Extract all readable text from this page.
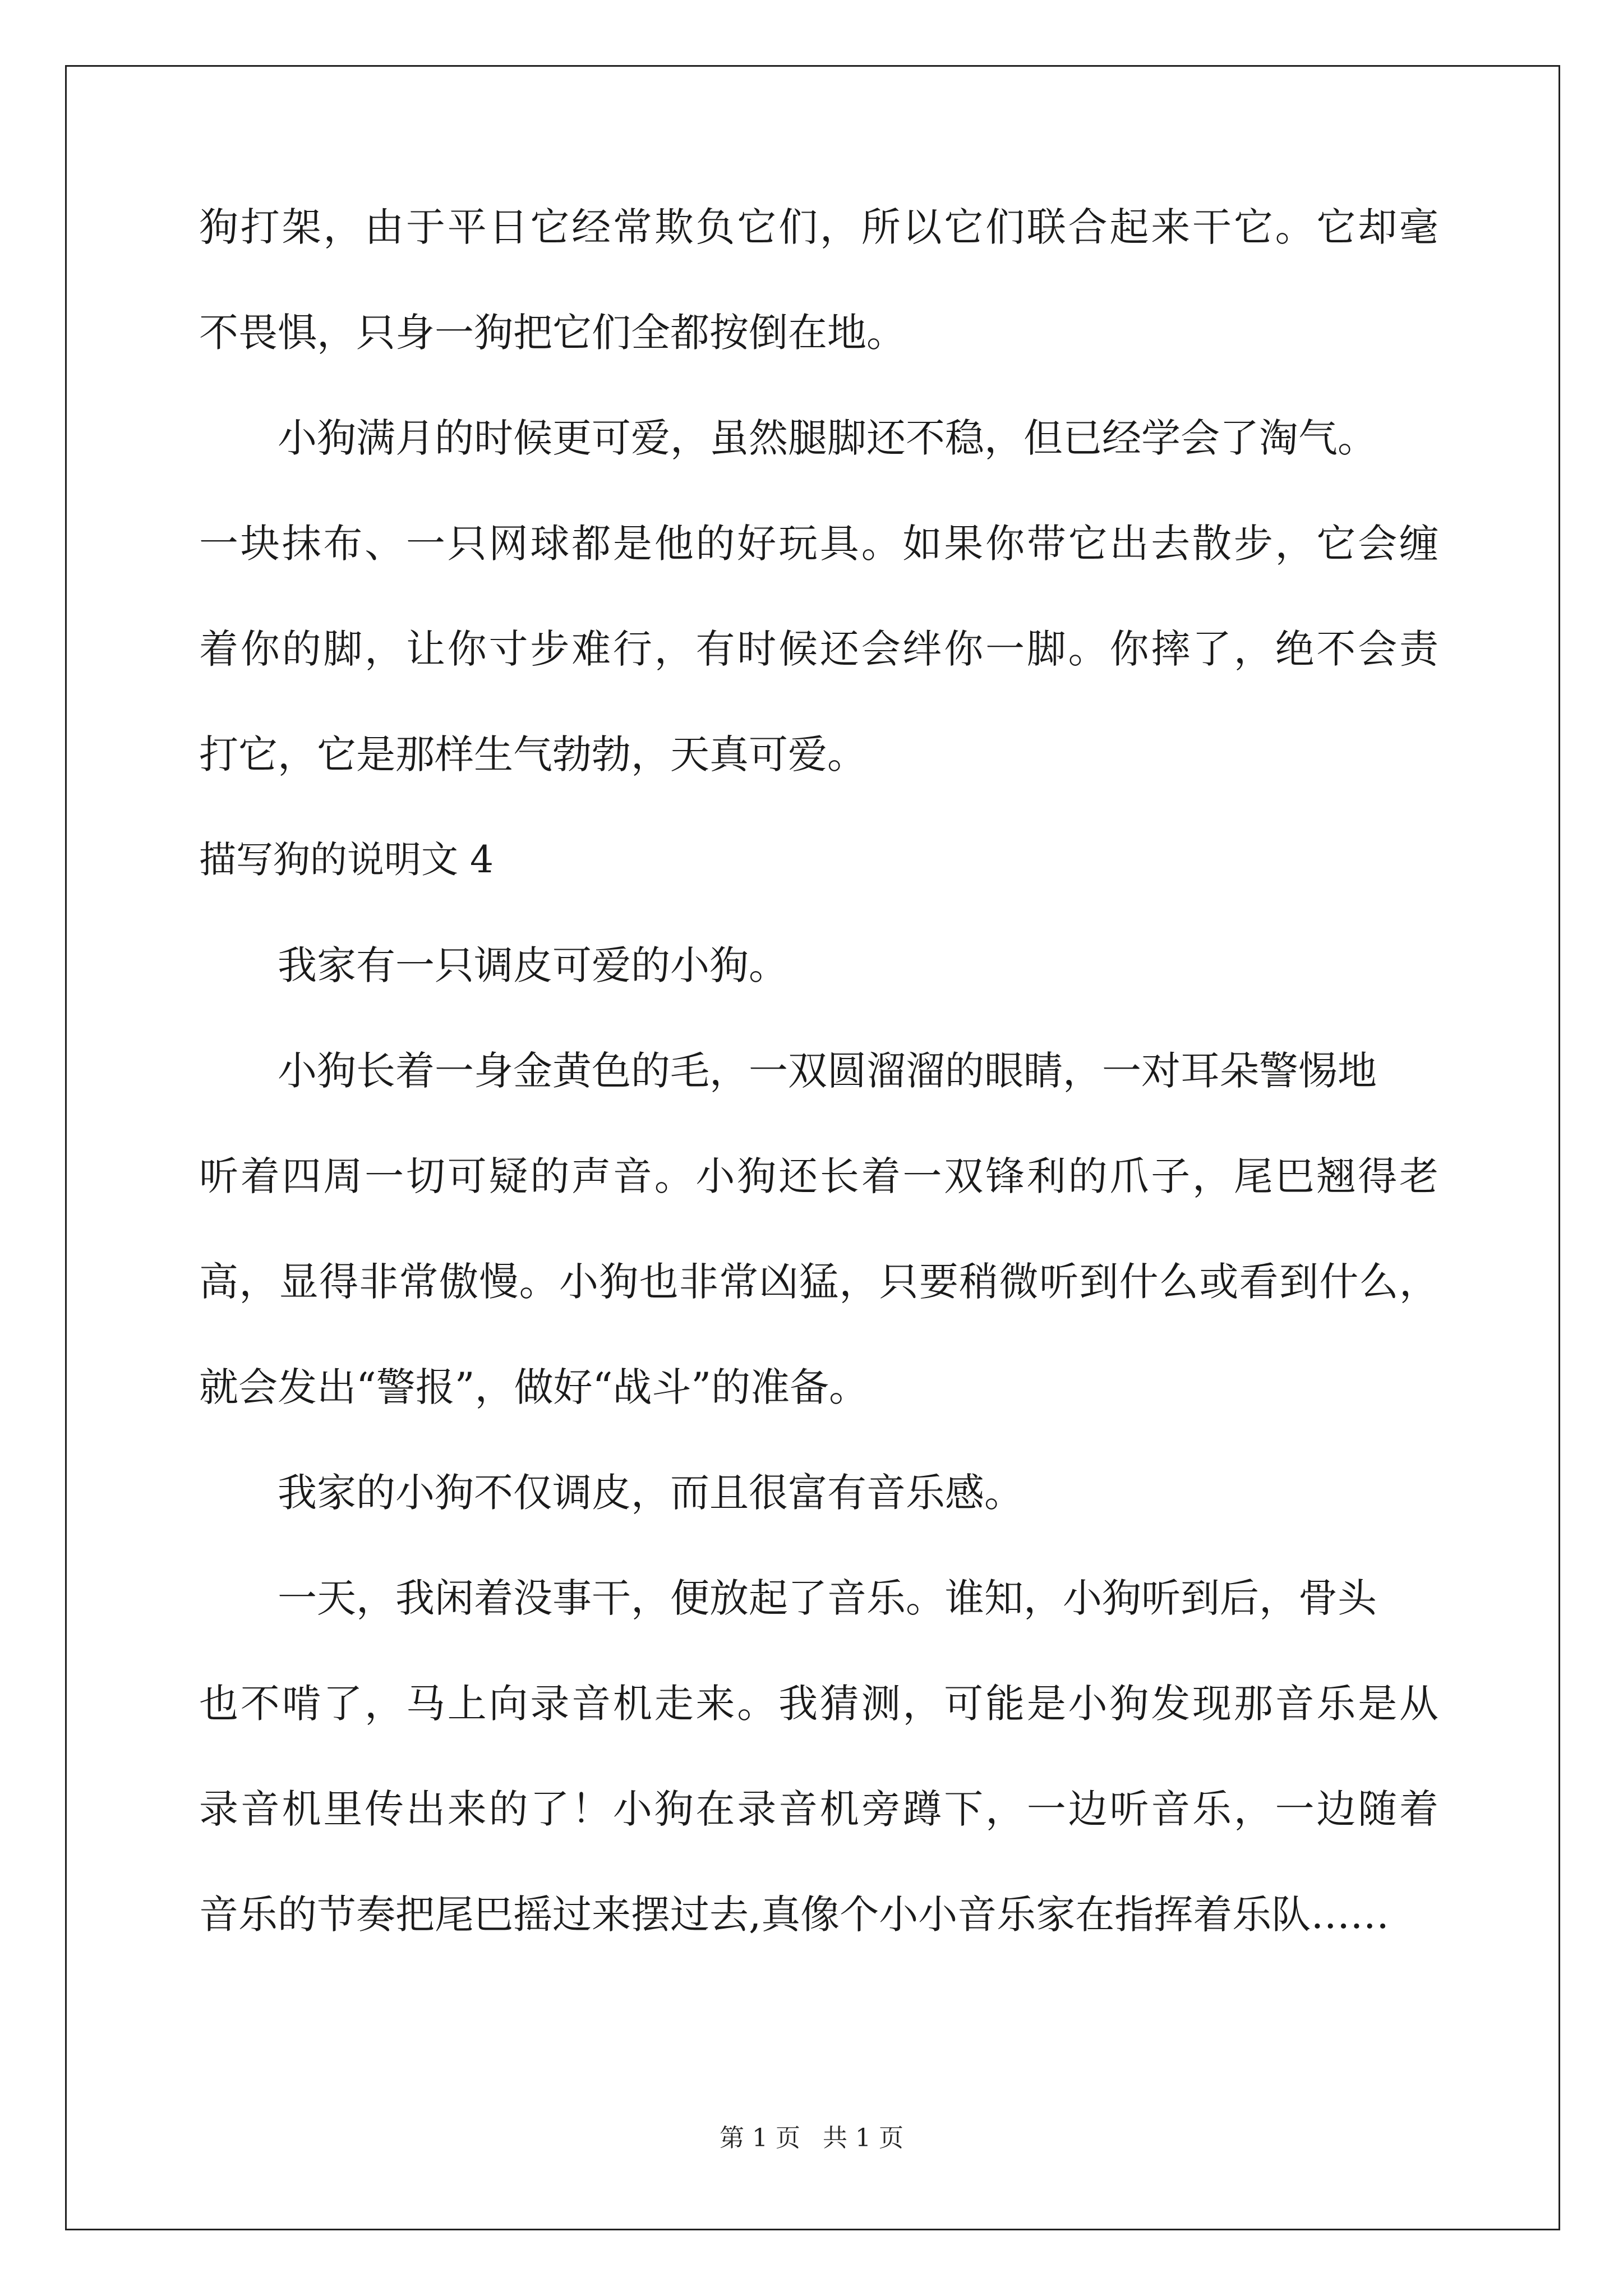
狗打架，由于平日它经常欺负它们，所以它们联合起来干它。它却毫
不畏惧，只身一狗把它们全都按倒在地。
小狗满月的时候更可爱，虽然腿脚还不稳，但已经学会了淘气。
一块抹布、一只网球都是他的好玩具。如果你带它出去散步，它会缠
着你的脚，让你寸步难行，有时候还会绊你一脚。你摔了，绝不会责
打它，它是那样生气勃勃，天真可爱。
描写狗的说明文 4
我家有一只调皮可爱的小狗。
小狗长着一身金黄色的毛，一双圆溜溜的眼睛，一对耳朵警惕地
听着四周一切可疑的声音。小狗还长着一双锋利的爪子，尾巴翘得老
高，显得非常傲慢。小狗也非常凶猛，只要稍微听到什么或看到什么，
就会发出“警报”，做好“战斗”的准备。
我家的小狗不仅调皮，而且很富有音乐感。
一天，我闲着没事干，便放起了音乐。谁知，小狗听到后，骨头
也不啃了，马上向录音机走来。我猜测，可能是小狗发现那音乐是从
录音机里传出来的了！小狗在录音机旁蹲下，一边听音乐，一边随着
音乐的节奏把尾巴摇过来摆过去,真像个小小音乐家在指挥着乐队……
第 1 页 共 1 页
